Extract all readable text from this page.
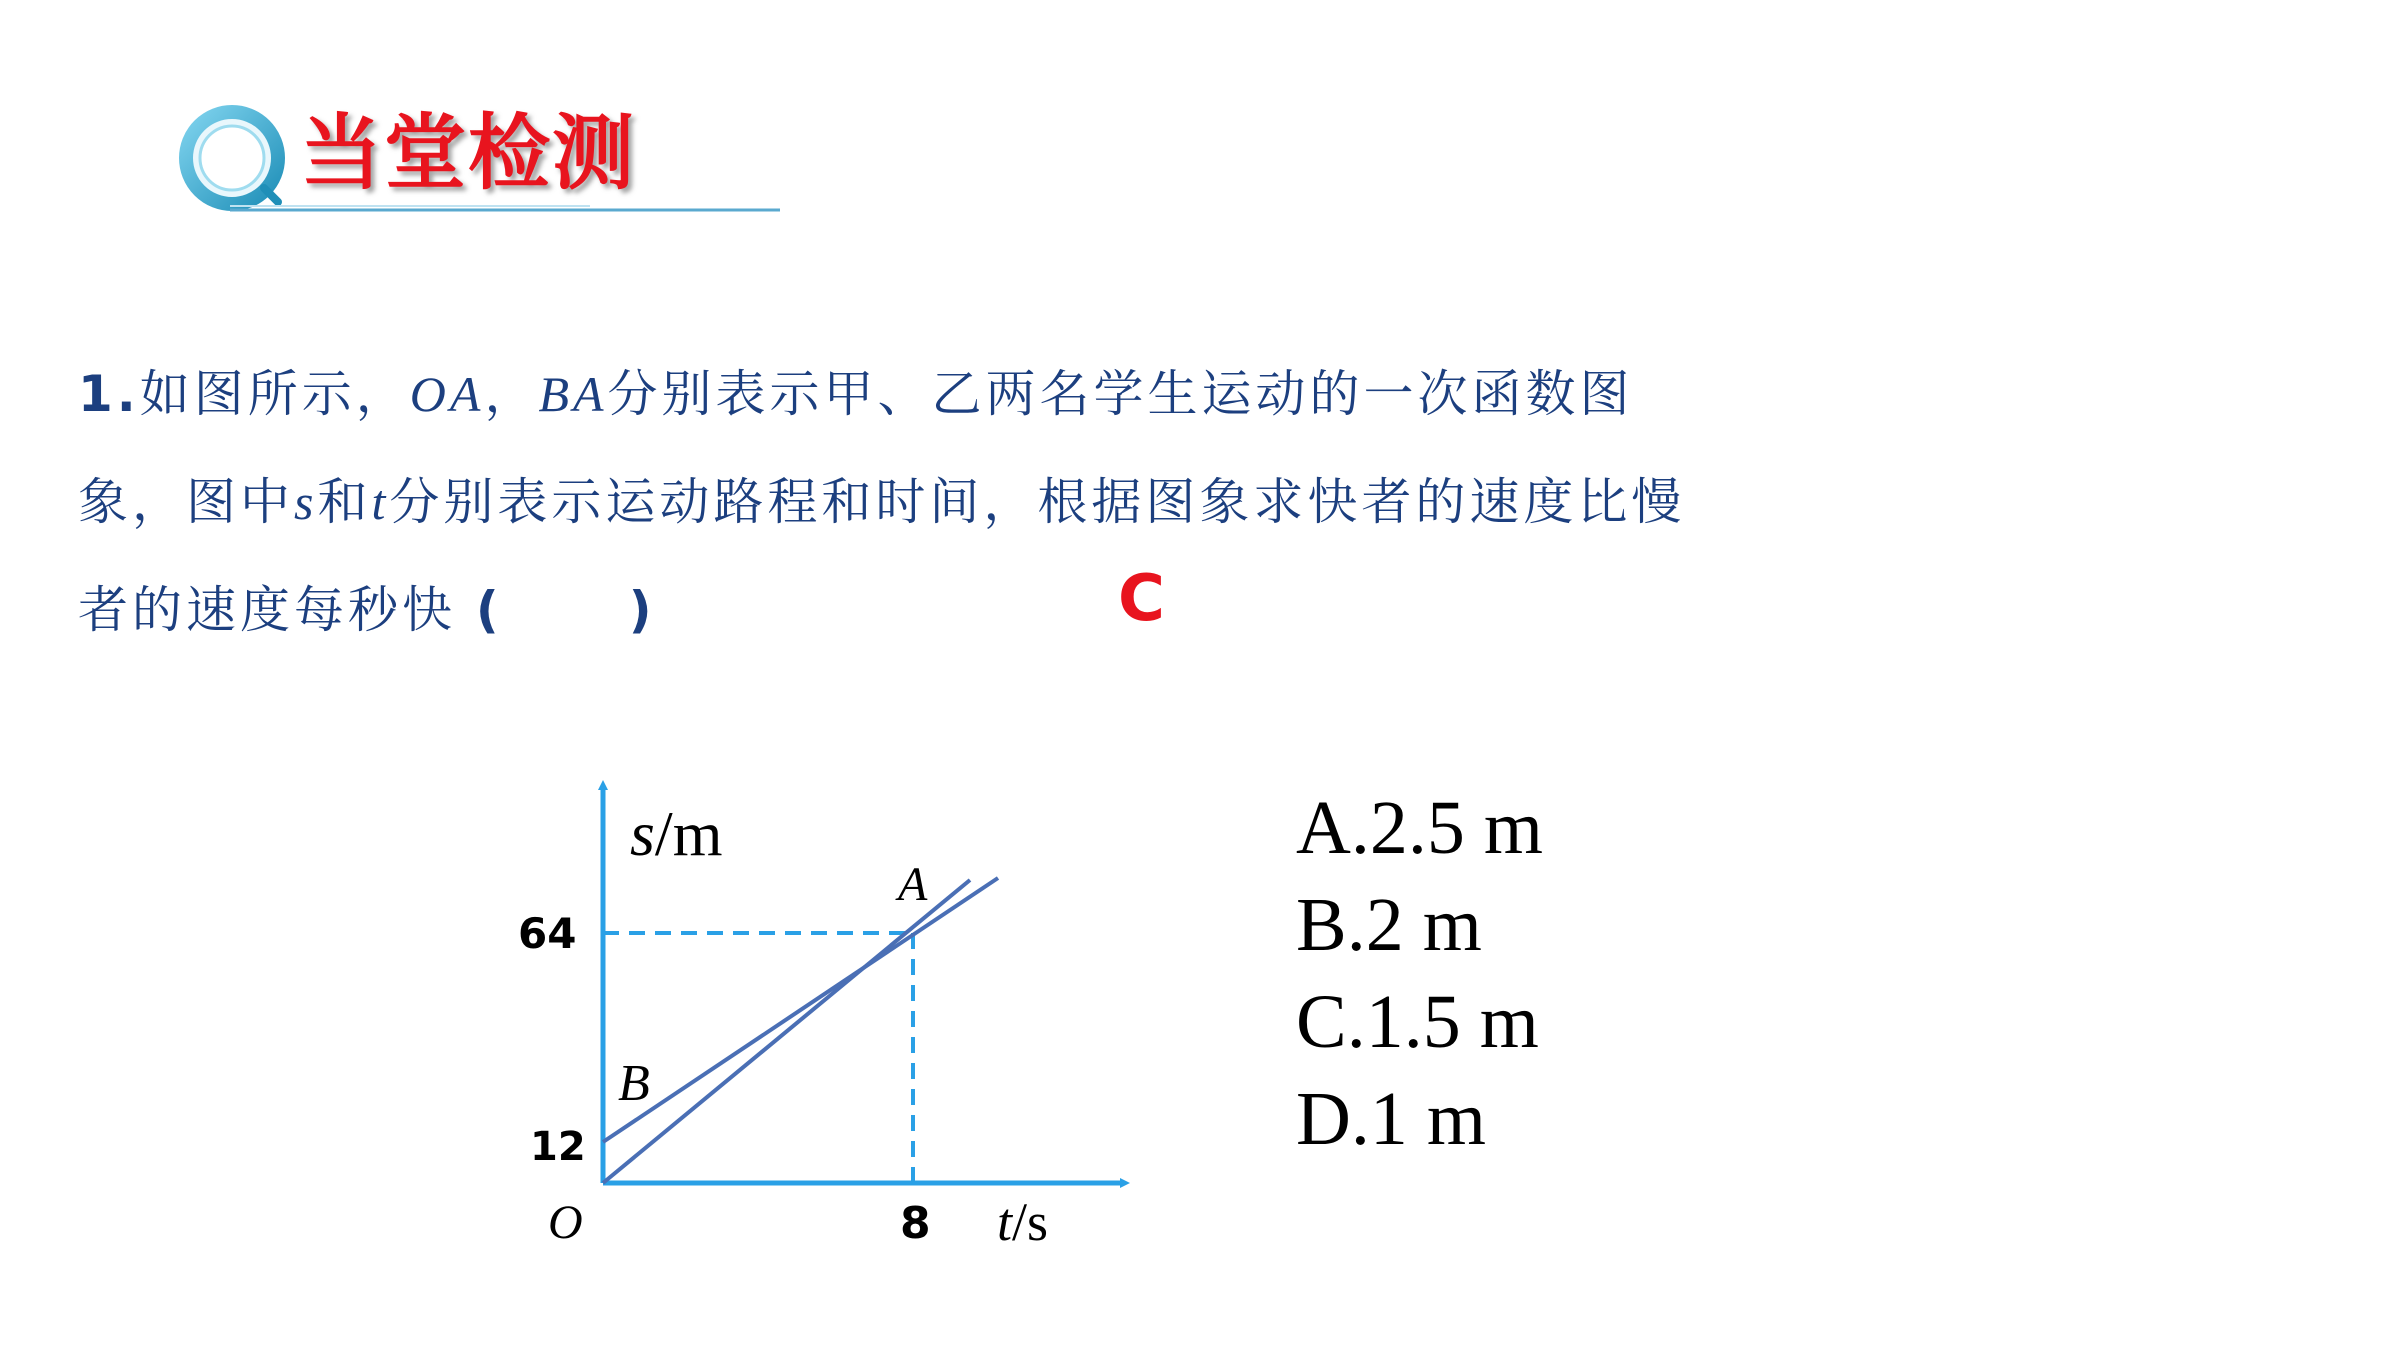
当堂检测

1.如图所示，OA，BA分别表示甲、乙两名学生运动的一次函数图象，图中s和t分别表示运动路程和时间，根据图象求快者的速度比慢者的速度每秒快 (	)	C
A.2.5 m
B.2 m
C.1.5 m
D.1 m
s/m
t/s
O
64
12
8
A
B
